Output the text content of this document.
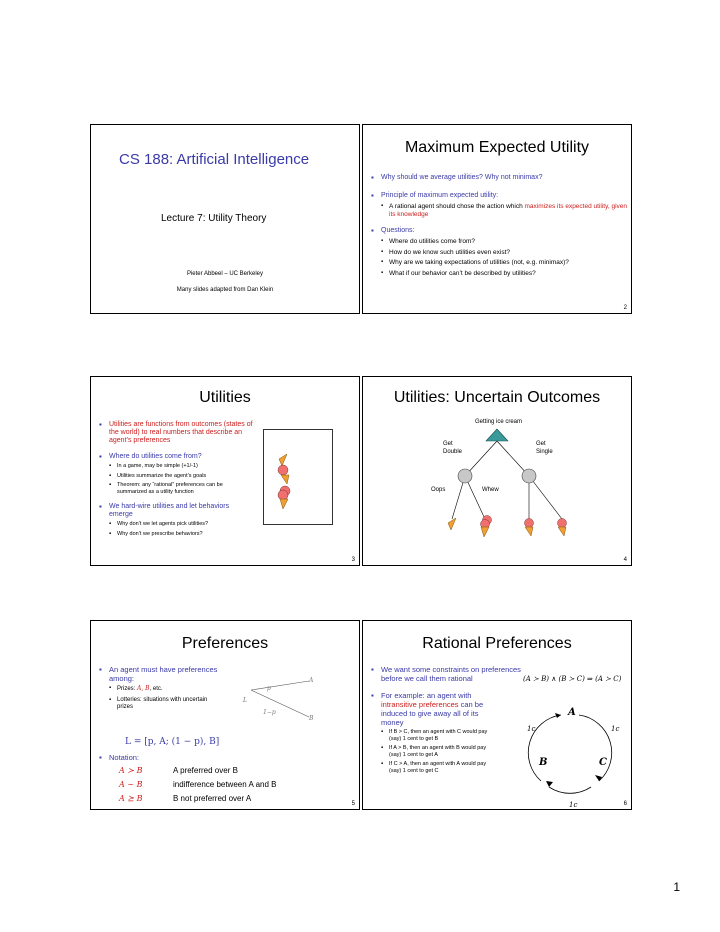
CS 188: Artificial Intelligence
Lecture 7: Utility Theory
Pieter Abbeel – UC Berkeley
Many slides adapted from Dan Klein
Maximum Expected Utility
▪ Why should we average utilities? Why not minimax?
▪ Principle of maximum expected utility:
▪ A rational agent should chose the action which maximizes its expected utility, given its knowledge
▪ Questions:
▪ Where do utilities come from?
▪ How do we know such utilities even exist?
▪ Why are we taking expectations of utilities (not, e.g. minimax)?
▪ What if our behavior can’t be described by utilities?
2
Utilities
▪ Utilities are functions from outcomes (states of the world) to real numbers that describe an agent’s preferences
▪ Where do utilities come from?
▪ In a game, may be simple (+1/-1)
▪ Utilities summarize the agent’s goals
▪ Theorem: any “rational” preferences can be summarized as a utility function
▪ We hard-wire utilities and let behaviors emerge
▪ Why don’t we let agents pick utilities?
▪ Why don’t we prescribe behaviors?
3
Utilities: Uncertain Outcomes
Getting ice cream
Get
Double
Get
Single
Oops	Whew
4
Preferences
▪ An agent must have preferences among:
▪ Prizes: A, B, etc.
▪ Lotteries: situations with uncertain prizes
L = [p, A; (1 − p), B]
▪ Notation:
A ≻ B	A preferred over B
A ∼ B	indifference between A and B
A ⪰ B	B not preferred over A
p
1−p
L
A
B
5
Rational Preferences
▪ We want some constraints on preferences before we call them rational
▪ For example: an agent with intransitive preferences can be induced to give away all of its money
▪ If B > C, then an agent with C would pay (say) 1 cent to get B
▪ If A > B, then an agent with B would pay (say) 1 cent to get A
▪ If C > A, then an agent with A would pay (say) 1 cent to get C
(A ≻ B) ∧ (B ≻ C) ⇒ (A ≻ C)
A
B	C
1c	1c
1c	6
1
